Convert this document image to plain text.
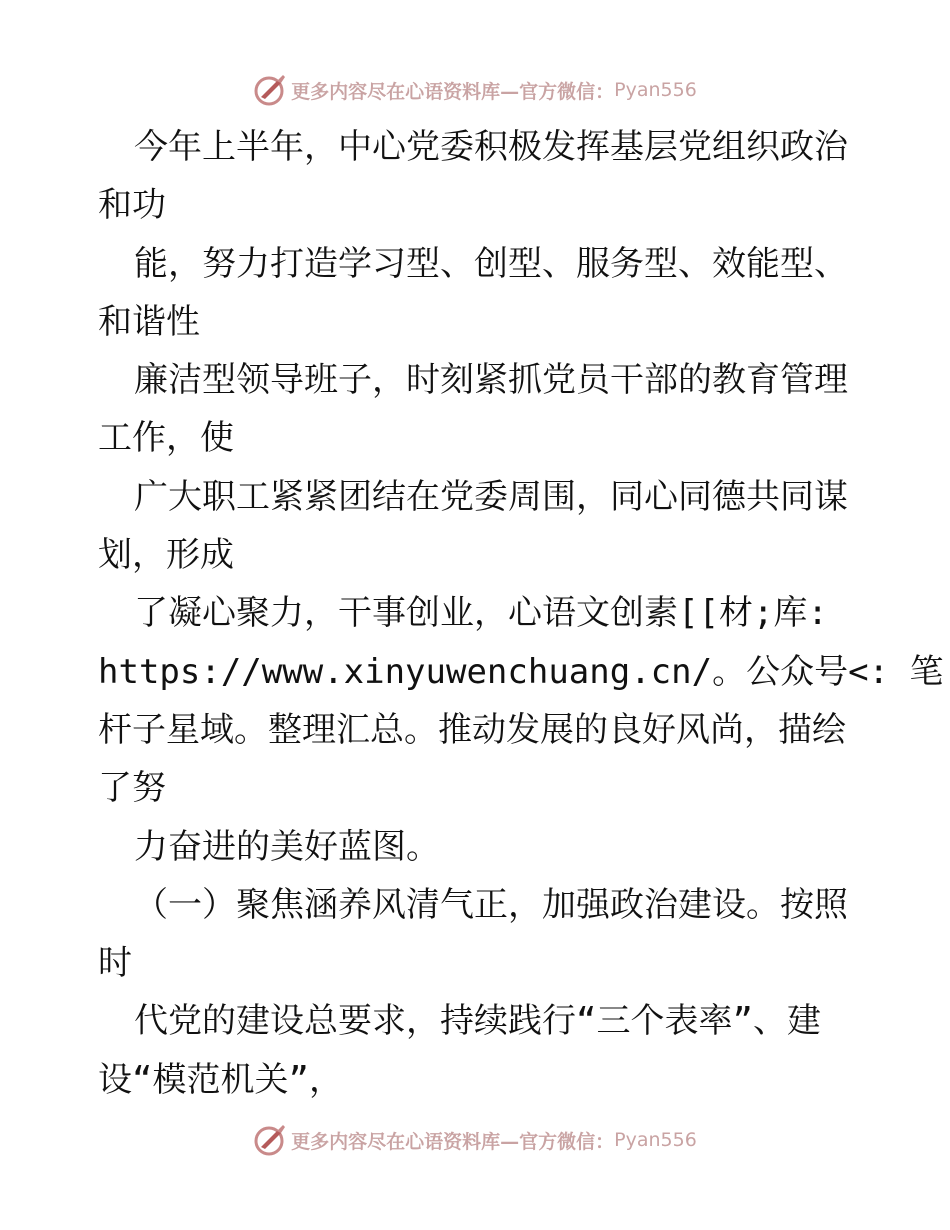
更多内容尽在心语资料库—官方微信： Pyan556
今年上半年，中心党委积极发挥基层党组织政治
和功
能，努力打造学习型、创型、服务型、效能型、
和谐性
廉洁型领导班子，时刻紧抓党员干部的教育管理
工作，使
广大职工紧紧团结在党委周围，同心同德共同谋
划，形成
了凝心聚力，干事创业，心语文创素[[材;库:
https://www.xinyuwenchuang.cn/。公众号<: 笔
杆子星域。整理汇总。推动发展的良好风尚，描绘
了努
力奋进的美好蓝图。
（一）聚焦涵养风清气正，加强政治建设。按照
时
代党的建设总要求，持续践行“三个表率”、建
设“模范机关”，
更多内容尽在心语资料库—官方微信： Pyan556
